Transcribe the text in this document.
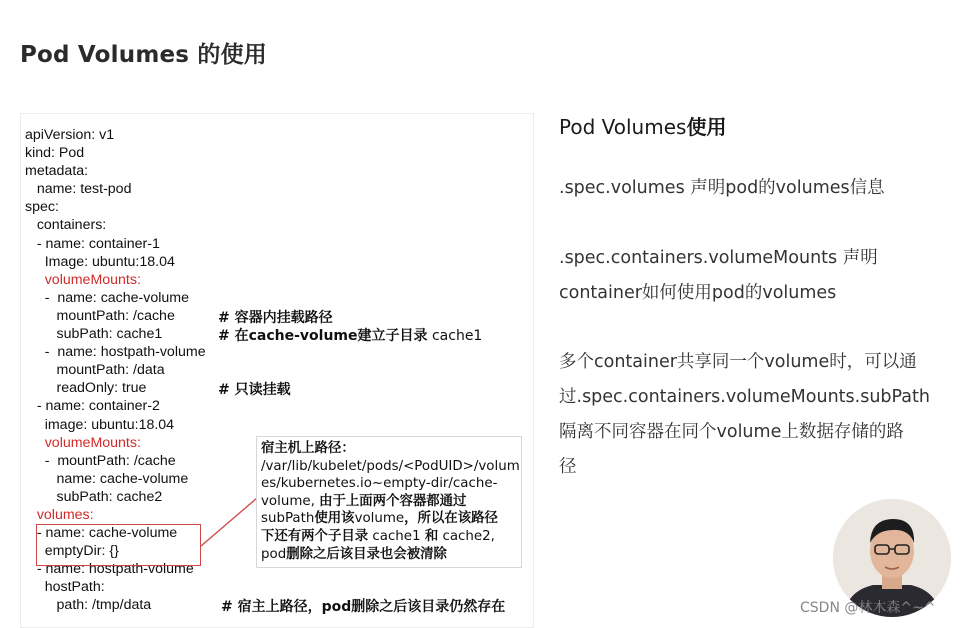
Pod Volumes 的使用
apiVersion: v1
kind: Pod
metadata:
name: test-pod
spec:
containers:
- name: container-1
Image: ubuntu:18.04
volumeMounts:
-  name: cache-volume
mountPath: /cache
subPath: cache1
-  name: hostpath-volume
mountPath: /data
readOnly: true
- name: container-2
image: ubuntu:18.04
volumeMounts:
-  mountPath: /cache
name: cache-volume
subPath: cache2
volumes:
- name: cache-volume
emptyDir: {}
- name: hostpath-volume
hostPath:
path: /tmp/data
# 容器内挂载路径
# 在cache-volume建立子目录 cache1
# 只读挂载
# 宿主上路径，pod删除之后该目录仍然存在
宿主机上路径：
/var/lib/kubelet/pods/<PodUID>/volum
es/kubernetes.io~empty-dir/cache-
volume, 由于上面两个容器都通过
subPath使用该volume，所以在该路径
下还有两个子目录 cache1 和 cache2,
pod删除之后该目录也会被清除
Pod Volumes使用
.spec.volumes 声明pod的volumes信息
.spec.containers.volumeMounts 声明
container如何使用pod的volumes
多个container共享同一个volume时，可以通
过.spec.containers.volumeMounts.subPath
隔离不同容器在同个volume上数据存储的路
径
CSDN @林木森^~^
